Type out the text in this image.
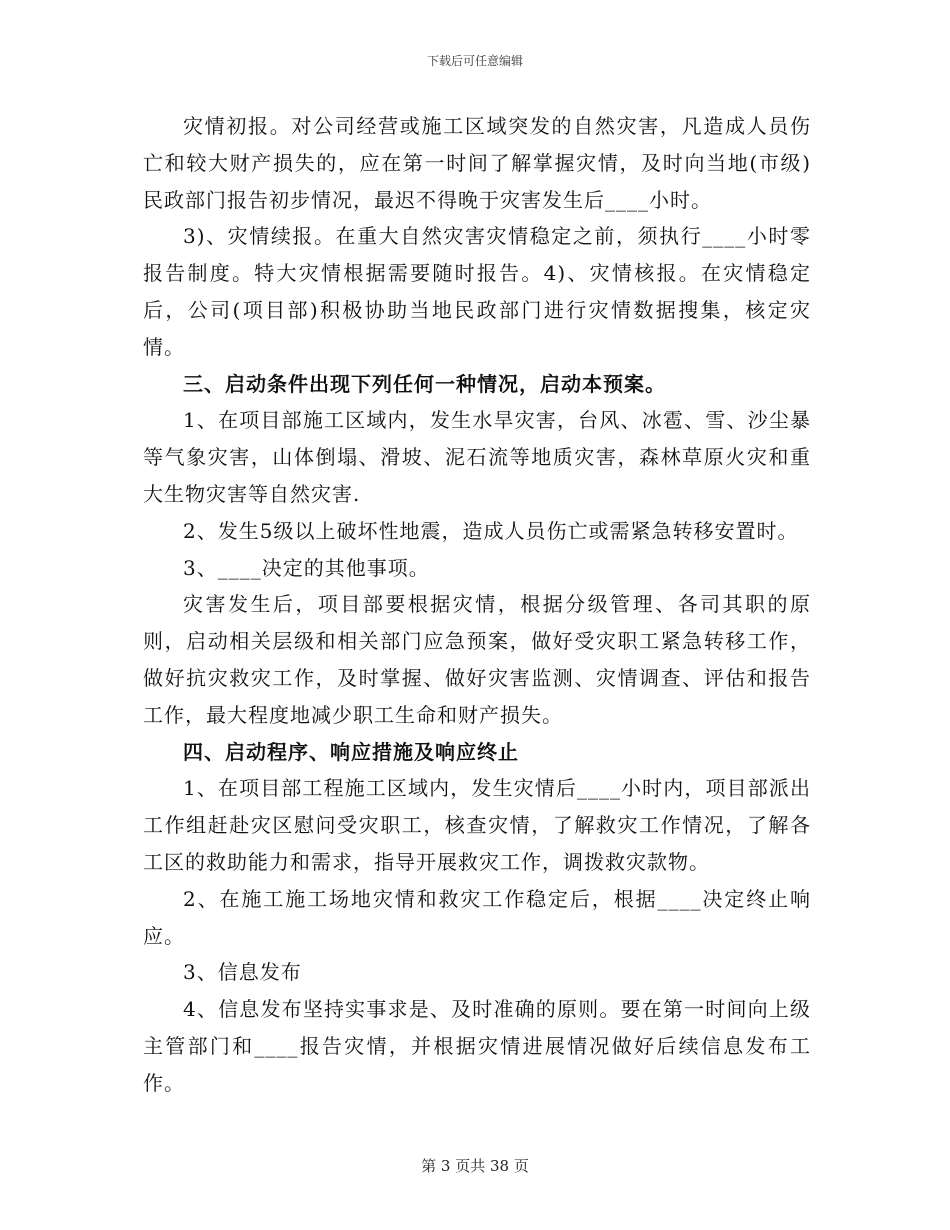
下载后可任意编辑

灾情初报。对公司经营或施工区域突发的自然灾害，凡造成人员伤亡和较大财产损失的，应在第一时间了解掌握灾情，及时向当地(市级)民政部门报告初步情况，最迟不得晚于灾害发生后____小时。

3)、灾情续报。在重大自然灾害灾情稳定之前，须执行____小时零报告制度。特大灾情根据需要随时报告。4)、灾情核报。在灾情稳定后，公司(项目部)积极协助当地民政部门进行灾情数据搜集，核定灾情。

三、启动条件出现下列任何一种情况，启动本预案。

1、在项目部施工区域内，发生水旱灾害，台风、冰雹、雪、沙尘暴等气象灾害，山体倒塌、滑坡、泥石流等地质灾害，森林草原火灾和重大生物灾害等自然灾害.

2、发生5级以上破坏性地震，造成人员伤亡或需紧急转移安置时。

3、____决定的其他事项。

灾害发生后，项目部要根据灾情，根据分级管理、各司其职的原则，启动相关层级和相关部门应急预案，做好受灾职工紧急转移工作，做好抗灾救灾工作，及时掌握、做好灾害监测、灾情调查、评估和报告工作，最大程度地减少职工生命和财产损失。

四、启动程序、响应措施及响应终止

1、在项目部工程施工区域内，发生灾情后____小时内，项目部派出工作组赶赴灾区慰问受灾职工，核查灾情，了解救灾工作情况，了解各工区的救助能力和需求，指导开展救灾工作，调拨救灾款物。

2、在施工施工场地灾情和救灾工作稳定后，根据____决定终止响应。

3、信息发布

4、信息发布坚持实事求是、及时准确的原则。要在第一时间向上级主管部门和____报告灾情，并根据灾情进展情况做好后续信息发布工作。

第 3 页共 38 页
